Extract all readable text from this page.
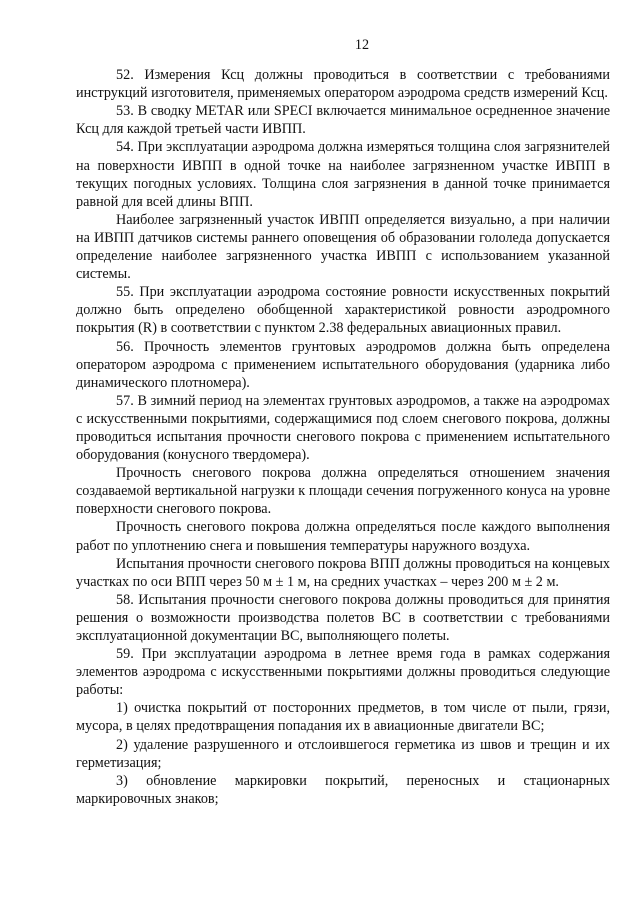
12

52. Измерения Ксц должны проводиться в соответствии с требованиями инструкций изготовителя, применяемых оператором аэродрома средств измерений Ксц.

53. В сводку METAR или SPECI включается минимальное осредненное значение Ксц для каждой третьей части ИВПП.

54. При эксплуатации аэродрома должна измеряться толщина слоя загрязнителей на поверхности ИВПП в одной точке на наиболее загрязненном участке ИВПП в текущих погодных условиях. Толщина слоя загрязнения в данной точке принимается равной для всей длины ВПП.

Наиболее загрязненный участок ИВПП определяется визуально, а при наличии на ИВПП датчиков системы раннего оповещения об образовании гололеда допускается определение наиболее загрязненного участка ИВПП с использованием указанной системы.

55. При эксплуатации аэродрома состояние ровности искусственных покрытий должно быть определено обобщенной характеристикой ровности аэродромного покрытия (R) в соответствии с пунктом 2.38 федеральных авиационных правил.

56. Прочность элементов грунтовых аэродромов должна быть определена оператором аэродрома с применением испытательного оборудования (ударника либо динамического плотномера).

57. В зимний период на элементах грунтовых аэродромов, а также на аэродромах с искусственными покрытиями, содержащимися под слоем снегового покрова, должны проводиться испытания прочности снегового покрова с применением испытательного оборудования (конусного твердомера).

Прочность снегового покрова должна определяться отношением значения создаваемой вертикальной нагрузки к площади сечения погруженного конуса на уровне поверхности снегового покрова.

Прочность снегового покрова должна определяться после каждого выполнения работ по уплотнению снега и повышения температуры наружного воздуха.

Испытания прочности снегового покрова ВПП должны проводиться на концевых участках по оси ВПП через 50 м ± 1 м, на средних участках – через 200 м ± 2 м.

58. Испытания прочности снегового покрова должны проводиться для принятия решения о возможности производства полетов ВС в соответствии с требованиями эксплуатационной документации ВС, выполняющего полеты.

59. При эксплуатации аэродрома в летнее время года в рамках содержания элементов аэродрома с искусственными покрытиями должны проводиться следующие работы:

1) очистка покрытий от посторонних предметов, в том числе от пыли, грязи, мусора, в целях предотвращения попадания их в авиационные двигатели ВС;

2) удаление разрушенного и отслоившегося герметика из швов и трещин и их герметизация;

3) обновление маркировки покрытий, переносных и стационарных маркировочных знаков;
